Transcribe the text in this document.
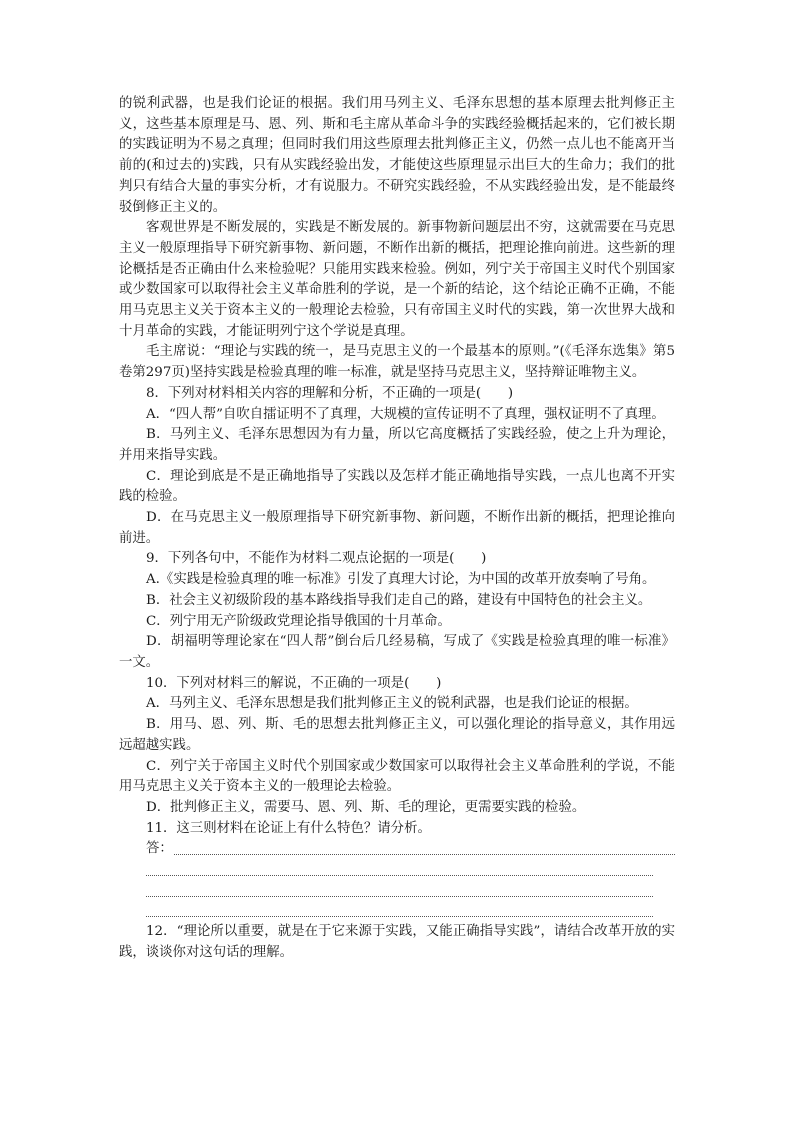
的锐利武器，也是我们论证的根据。我们用马列主义、毛泽东思想的基本原理去批判修正主义，这些基本原理是马、恩、列、斯和毛主席从革命斗争的实践经验概括起来的，它们被长期的实践证明为不易之真理；但同时我们用这些原理去批判修正主义，仍然一点儿也不能离开当前的(和过去的)实践，只有从实践经验出发，才能使这些原理显示出巨大的生命力；我们的批判只有结合大量的事实分析，才有说服力。不研究实践经验，不从实践经验出发，是不能最终驳倒修正主义的。

客观世界是不断发展的，实践是不断发展的。新事物新问题层出不穷，这就需要在马克思主义一般原理指导下研究新事物、新问题，不断作出新的概括，把理论推向前进。这些新的理论概括是否正确由什么来检验呢？只能用实践来检验。例如，列宁关于帝国主义时代个别国家或少数国家可以取得社会主义革命胜利的学说，是一个新的结论，这个结论正确不正确，不能用马克思主义关于资本主义的一般理论去检验，只有帝国主义时代的实践，第一次世界大战和十月革命的实践，才能证明列宁这个学说是真理。

毛主席说：“理论与实践的统一，是马克思主义的一个最基本的原则。”(《毛泽东选集》第5卷第297页)坚持实践是检验真理的唯一标准，就是坚持马克思主义，坚持辩证唯物主义。

8．下列对材料相关内容的理解和分析，不正确的一项是(　　)

A．“四人帮”自吹自擂证明不了真理，大规模的宣传证明不了真理，强权证明不了真理。

B．马列主义、毛泽东思想因为有力量，所以它高度概括了实践经验，使之上升为理论，并用来指导实践。

C．理论到底是不是正确地指导了实践以及怎样才能正确地指导实践，一点儿也离不开实践的检验。

D．在马克思主义一般原理指导下研究新事物、新问题，不断作出新的概括，把理论推向前进。

9．下列各句中，不能作为材料二观点论据的一项是(　　)

A.《实践是检验真理的唯一标准》引发了真理大讨论，为中国的改革开放奏响了号角。

B．社会主义初级阶段的基本路线指导我们走自己的路，建设有中国特色的社会主义。

C．列宁用无产阶级政党理论指导俄国的十月革命。

D．胡福明等理论家在“四人帮”倒台后几经易稿，写成了《实践是检验真理的唯一标准》一文。

10．下列对材料三的解说，不正确的一项是(　　)

A．马列主义、毛泽东思想是我们批判修正主义的锐利武器，也是我们论证的根据。

B．用马、恩、列、斯、毛的思想去批判修正主义，可以强化理论的指导意义，其作用远远超越实践。

C．列宁关于帝国主义时代个别国家或少数国家可以取得社会主义革命胜利的学说，不能用马克思主义关于资本主义的一般理论去检验。

D．批判修正主义，需要马、恩、列、斯、毛的理论，更需要实践的检验。

11．这三则材料在论证上有什么特色？请分析。

答：

12．“理论所以重要，就是在于它来源于实践，又能正确指导实践”，请结合改革开放的实践，谈谈你对这句话的理解。
